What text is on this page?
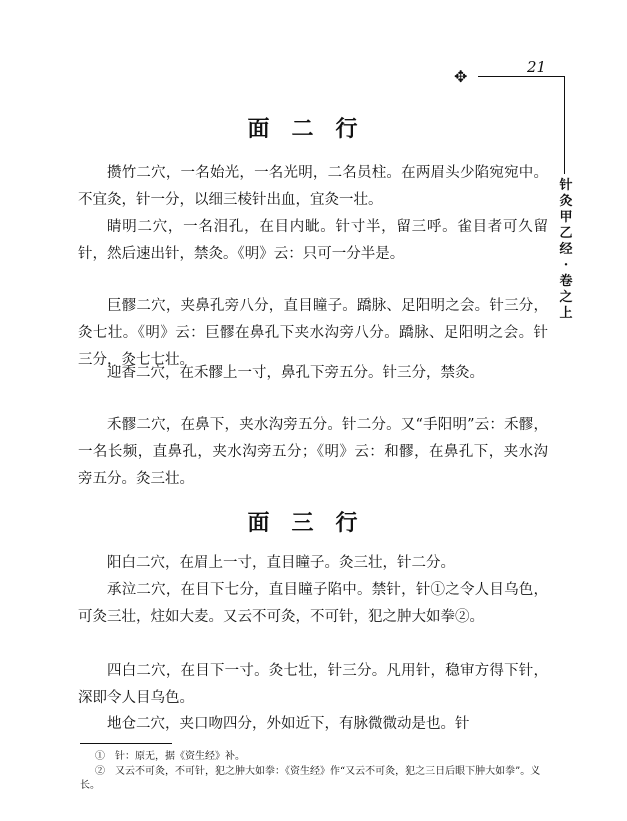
21
✥
针
灸
甲
乙
经
·
卷
之
上
面二行

攒竹二穴，一名始光，一名光明，二名员柱。在两眉头少陷宛宛中。不宜灸，针一分，以细三棱针出血，宜灸一壮。

睛明二穴，一名泪孔，在目内眦。针寸半，留三呼。雀目者可久留针，然后速出针，禁灸。《明》云：只可一分半是。

巨髎二穴，夹鼻孔旁八分，直目瞳子。蹻脉、足阳明之会。针三分，灸七壮。《明》云：巨髎在鼻孔下夹水沟旁八分。蹻脉、足阳明之会。针三分，灸七七壮。

迎香二穴，在禾髎上一寸，鼻孔下旁五分。针三分，禁灸。

禾髎二穴，在鼻下，夹水沟旁五分。针二分。又“手阳明”云：禾髎，一名长频，直鼻孔，夹水沟旁五分；《明》云：和髎，在鼻孔下，夹水沟旁五分。灸三壮。

面三行

阳白二穴，在眉上一寸，直目瞳子。灸三壮，针二分。

承泣二穴，在目下七分，直目瞳子陷中。禁针，针①之令人目乌色，可灸三壮，炷如大麦。又云不可灸，不可针，犯之肿大如拳②。

四白二穴，在目下一寸。灸七壮，针三分。凡用针，稳审方得下针，深即令人目乌色。

地仓二穴，夹口吻四分，外如近下，有脉微微动是也。针

①　针：原无，据《资生经》补。
②　又云不可灸，不可针，犯之肿大如拳：《资生经》作“又云不可灸，犯之三日后眼下肿大如拳”。义长。
